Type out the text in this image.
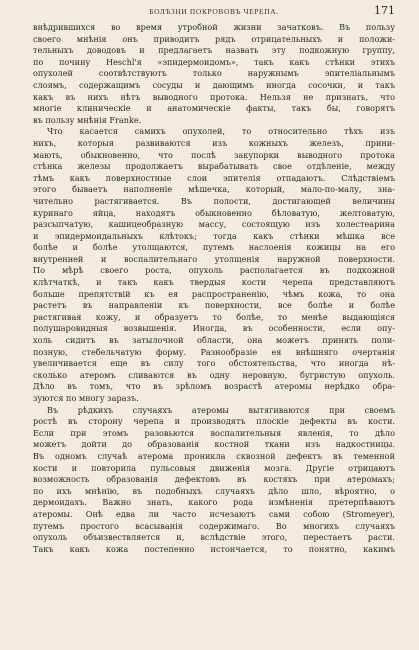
БОЛѢЗНИ ПОКРОВОВЪ ЧЕРЕПА.	171
внѣдрившихся во время утробной жизни зачатковъ. Въ пользу
своего мнѣнія онъ приводитъ рядъ отрицательныхъ и положи-
тельныхъ доводовъ и предлагаетъ назвать эту подкожную группу,
по почину Heschl'я «эпидермоидомъ», такъ какъ стѣнки этихъ
опухолей соотвѣтствуютъ только наружнымъ эпителіальнымъ
слоямъ, содержащимъ сосуды и дающимъ иногда сосочки, и такъ
какъ въ нихъ нѣтъ выводного протока. Нельзя не признать, что
многіе клиническіе и анатомическіе факты, такъ бы, говорятъ
въ пользу мнѣнія Franke.
Что касается самихъ опухолей, то относительно тѣхъ изъ
нихъ, которыя развиваются изъ кожныхъ железъ, прини-
мають, обыкновенно, что послѣ закупорки выводного протока
стѣнка железы продолжаетъ вырабатывать свое отдѣленіе, между
тѣмъ какъ поверхностные слои эпителія отпадаютъ. Слѣдствіемъ
этого бываетъ наполненіе мѣшечка, который, мало-по-малу, зна-
чительно растягивается. Въ полости, достигающей величины
куринаго яйца, находятъ обыкновенно бѣловатую, желтоватую,
разсыпчатую, кашицеобразную массу, состоящую изъ холестеарина
и эпидермоидальныхъ клѣтокъ; тогда какъ стѣнки мѣшка все
болѣе и болѣе утолщаются, путемъ наслоенія кожицы на его
внутренней и воспалительнаго утолщенія наружной поверхности.
По мѣрѣ своего роста, опухоль располагается въ подкожной
клѣтчаткѣ, и такъ какъ твердыя кости черепа представляютъ
больше препятствій къ ея распространенію, чѣмъ кожа, то она
растетъ въ направленіи къ поверхности, все болѣе и болѣе
растягивая кожу, и образуетъ то болѣе, то менѣе выдающіяся
полушаровидныя возвышенія. Иногда, въ особенности, если опу-
холь сидитъ въ затылочной области, она можетъ принять поли-
позную, стебельчатую форму. Разнообразіе ея внѣшняго очертанія
увеличивается еще въ силу того обстоятельства, что иногда нѣ-
сколько атеромъ сливаются въ одну неровную, бугристую опухоль.
Дѣло въ томъ, что въ зрѣломъ возрастѣ атеромы нерѣдко обра-
зуются по многу заразъ.
Въ рѣдкихъ случаяхъ атеромы вытягиваются при своемъ
ростѣ въ сторону черепа и производятъ плоскіе дефекты въ кости.
Если при этомъ разовьются воспалительныя явленія, то дѣло
можетъ дойти до образованія костной ткани изъ надкостницы.
Въ одномъ случаѣ атерома проникла сквозной дефектъ въ теменной
кости и повторила пульсовыя движенія мозга. Другіе отрицаютъ
возможность образованія дефектовъ въ костяхъ при атеромахъ;
по ихъ мнѣнію, въ подобныхъ случаяхъ дѣло шло, вѣроятно, о
дермоидахъ. Важно знать, какого рода измѣненія претерпѣваютъ
атеромы. Онѣ едва ли часто исчезаютъ сами собою (Stromeyer),
путемъ простого всасыванія содержимаго. Во многихъ случаяхъ
опухоль объизвествляется и, вслѣдствіе этого, перестаетъ расти.
Такъ какъ кожа постепенно истончается, то понятно, какимъ
